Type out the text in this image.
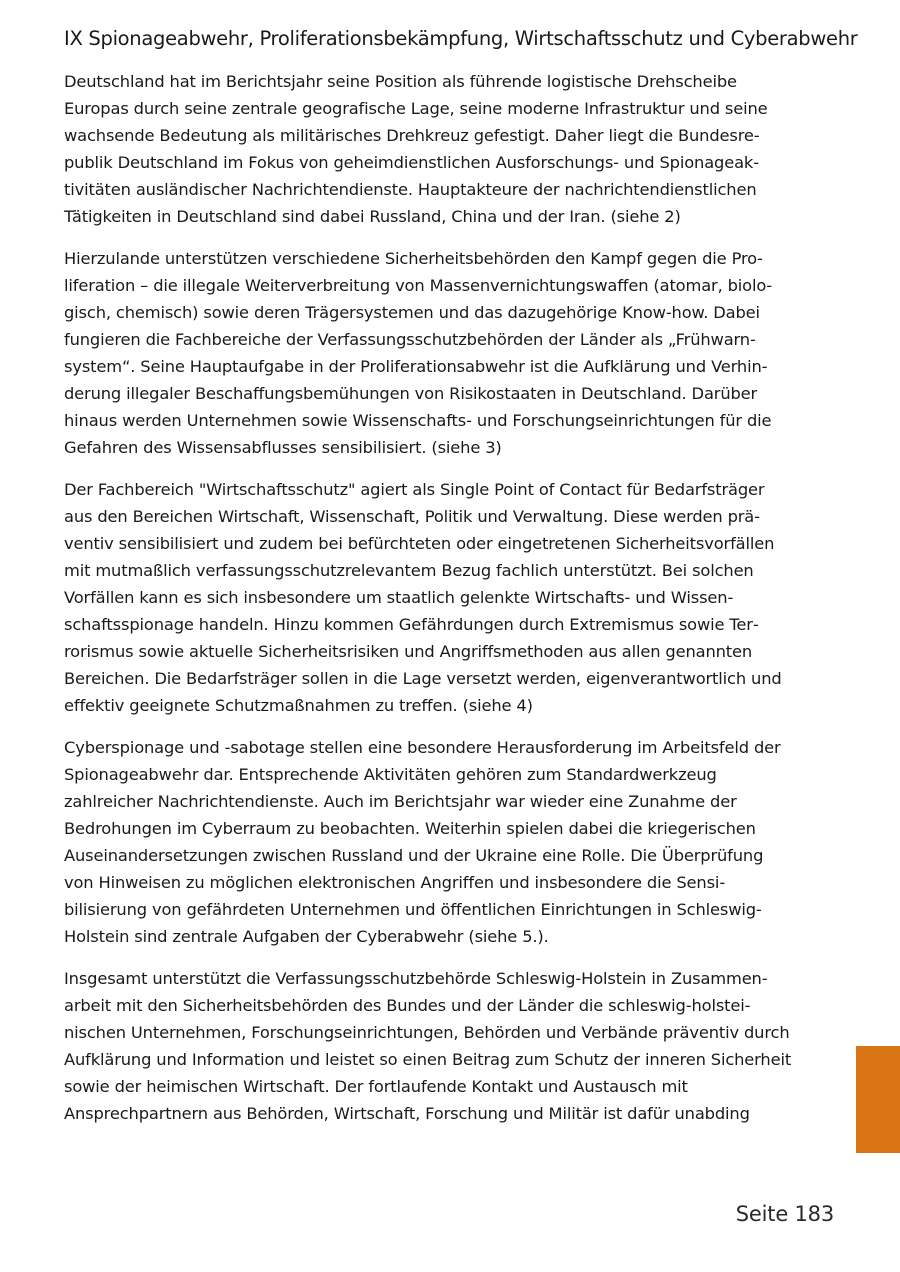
IX Spionageabwehr, Proliferationsbekämpfung, Wirtschaftsschutz und Cyberabwehr

Deutschland hat im Berichtsjahr seine Position als führende logistische Drehscheibe Europas durch seine zentrale geografische Lage, seine moderne Infrastruktur und seine wachsende Bedeutung als militärisches Drehkreuz gefestigt. Daher liegt die Bundesrepublik Deutschland im Fokus von geheimdienstlichen Ausforschungs- und Spionageaktivitäten ausländischer Nachrichtendienste. Hauptakteure der nachrichtendienstlichen Tätigkeiten in Deutschland sind dabei Russland, China und der Iran. (siehe 2)

Hierzulande unterstützen verschiedene Sicherheitsbehörden den Kampf gegen die Proliferation – die illegale Weiterverbreitung von Massenvernichtungswaffen (atomar, biologisch, chemisch) sowie deren Trägersystemen und das dazugehörige Know-how. Dabei fungieren die Fachbereiche der Verfassungsschutzbehörden der Länder als „Frühwarnsystem“. Seine Hauptaufgabe in der Proliferationsabwehr ist die Aufklärung und Verhinderung illegaler Beschaffungsbemühungen von Risikostaaten in Deutschland. Darüber hinaus werden Unternehmen sowie Wissenschafts- und Forschungseinrichtungen für die Gefahren des Wissensabflusses sensibilisiert. (siehe 3)

Der Fachbereich "Wirtschaftsschutz" agiert als Single Point of Contact für Bedarfsträger aus den Bereichen Wirtschaft, Wissenschaft, Politik und Verwaltung. Diese werden präventiv sensibilisiert und zudem bei befürchteten oder eingetretenen Sicherheitsvorfällen mit mutmaßlich verfassungsschutzrelevantem Bezug fachlich unterstützt. Bei solchen Vorfällen kann es sich insbesondere um staatlich gelenkte Wirtschafts- und Wissenschaftsspionage handeln. Hinzu kommen Gefährdungen durch Extremismus sowie Terrorismus sowie aktuelle Sicherheitsrisiken und Angriffsmethoden aus allen genannten Bereichen. Die Bedarfsträger sollen in die Lage versetzt werden, eigenverantwortlich und effektiv geeignete Schutzmaßnahmen zu treffen. (siehe 4)

Cyberspionage und -sabotage stellen eine besondere Herausforderung im Arbeitsfeld der Spionageabwehr dar. Entsprechende Aktivitäten gehören zum Standardwerkzeug zahlreicher Nachrichtendienste. Auch im Berichtsjahr war wieder eine Zunahme der Bedrohungen im Cyberraum zu beobachten. Weiterhin spielen dabei die kriegerischen Auseinandersetzungen zwischen Russland und der Ukraine eine Rolle. Die Überprüfung von Hinweisen zu möglichen elektronischen Angriffen und insbesondere die Sensibilisierung von gefährdeten Unternehmen und öffentlichen Einrichtungen in Schleswig-Holstein sind zentrale Aufgaben der Cyberabwehr (siehe 5.).

Insgesamt unterstützt die Verfassungsschutzbehörde Schleswig-Holstein in Zusammenarbeit mit den Sicherheitsbehörden des Bundes und der Länder die schleswig-holsteinischen Unternehmen, Forschungseinrichtungen, Behörden und Verbände präventiv durch Aufklärung und Information und leistet so einen Beitrag zum Schutz der inneren Sicherheit sowie der heimischen Wirtschaft. Der fortlaufende Kontakt und Austausch mit Ansprechpartnern aus Behörden, Wirtschaft, Forschung und Militär ist dafür unabding

Seite 183
